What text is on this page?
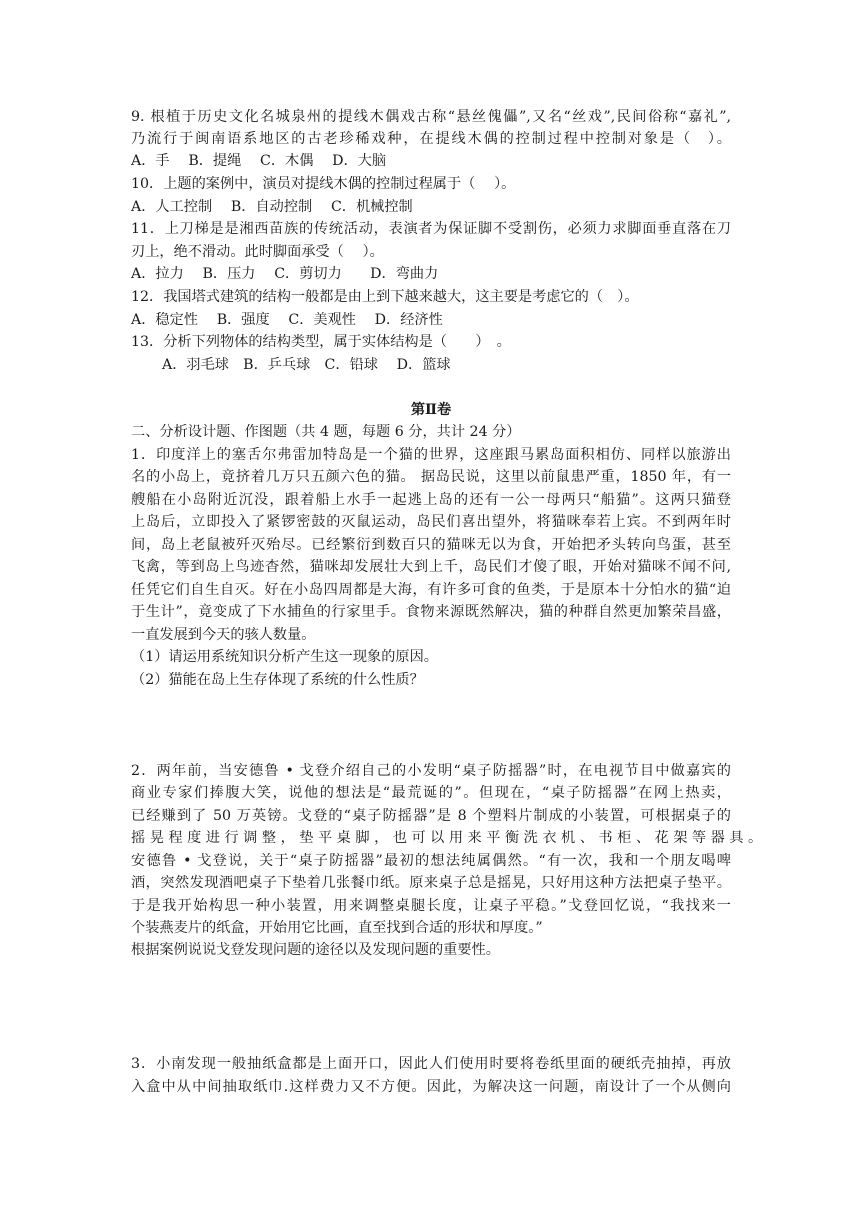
9. 根植于历史文化名城泉州的提线木偶戏古称“悬丝傀儡”,又名“丝戏”,民间俗称“嘉礼”,
乃流行于闽南语系地区的古老珍稀戏种，在提线木偶的控制过程中控制对象是（　）。
A．手　 B．提绳　 C．木偶　 D．大脑
10．上题的案例中，演员对提线木偶的控制过程属于（　 ）。
A．人工控制　 B．自动控制　 C．机械控制
11．上刀梯是是湘西苗族的传统活动，表演者为保证脚不受割伤，必须力求脚面垂直落在刀
刃上，绝不滑动。此时脚面承受（　 ）。
A．拉力　 B．压力　 C．剪切力　　D．弯曲力
12．我国塔式建筑的结构一般都是由上到下越来越大，这主要是考虑它的（　）。
A．稳定性　 B．强度　 C．美观性　 D．经济性
13．分析下列物体的结构类型，属于实体结构是（　　）　。
A．羽毛球　B．乒乓球　C．铅球　 D．篮球
第Ⅱ卷
二、分析设计题、作图题（共 4 题，每题 6 分，共计 24 分）
1．印度洋上的塞舌尔弗雷加特岛是一个猫的世界，这座跟马累岛面积相仿、同样以旅游出
名的小岛上，竟挤着几万只五颜六色的猫。 据岛民说，这里以前鼠患严重，1850 年，有一
艘船在小岛附近沉没，跟着船上水手一起逃上岛的还有一公一母两只“船猫”。这两只猫登
上岛后，立即投入了紧锣密鼓的灭鼠运动，岛民们喜出望外，将猫咪奉若上宾。不到两年时
间，岛上老鼠被歼灭殆尽。已经繁衍到数百只的猫咪无以为食，开始把矛头转向鸟蛋，甚至
飞禽，等到岛上鸟迹杳然，猫咪却发展壮大到上千，岛民们才傻了眼，开始对猫咪不闻不问,
任凭它们自生自灭。好在小岛四周都是大海，有许多可食的鱼类，于是原本十分怕水的猫“迫
于生计”，竟变成了下水捕鱼的行家里手。食物来源既然解决，猫的种群自然更加繁荣昌盛，
一直发展到今天的骇人数量。
（1）请运用系统知识分析产生这一现象的原因。
（2）猫能在岛上生存体现了系统的什么性质？
2．两年前，当安德鲁 • 戈登介绍自己的小发明“桌子防摇器”时，在电视节目中做嘉宾的
商业专家们捧腹大笑，说他的想法是“最荒诞的”。但现在，“桌子防摇器”在网上热卖，
已经赚到了 50 万英镑。戈登的“桌子防摇器”是 8 个塑料片制成的小装置，可根据桌子的
摇 晃 程 度 进 行 调 整 ， 垫 平 桌 脚 ， 也 可 以 用 来 平 衡 洗 衣 机 、 书 柜 、 花 架 等 器 具 。
安德鲁 • 戈登说，关于“桌子防摇器”最初的想法纯属偶然。“有一次，我和一个朋友喝啤
酒，突然发现酒吧桌子下垫着几张餐巾纸。原来桌子总是摇晃，只好用这种方法把桌子垫平。
于是我开始构思一种小装置，用来调整桌腿长度，让桌子平稳。”戈登回忆说，“我找来一
个装燕麦片的纸盒，开始用它比画，直至找到合适的形状和厚度。”
根据案例说说戈登发现问题的途径以及发现问题的重要性。
3．小南发现一般抽纸盒都是上面开口，因此人们使用时要将卷纸里面的硬纸壳抽掉，再放
入盒中从中间抽取纸巾.这样费力又不方便。因此，为解决这一问题，南设计了一个从侧向
